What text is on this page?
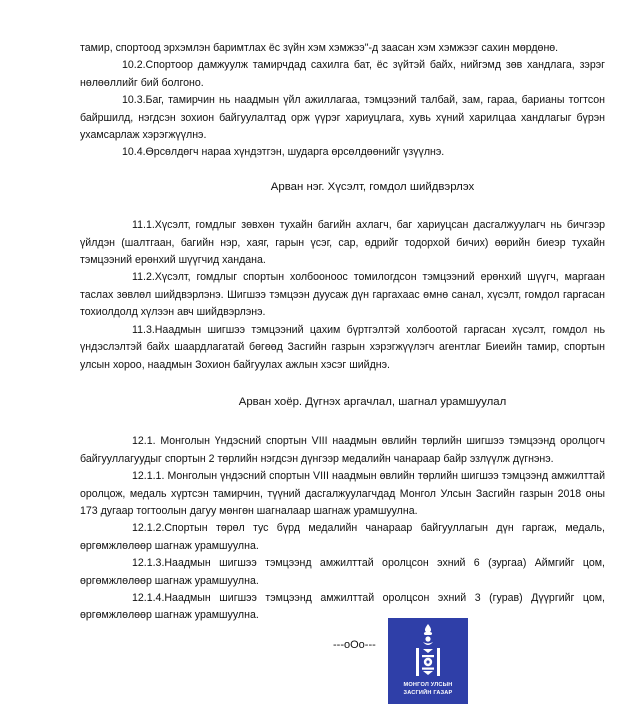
тамир, спортоод эрхэмлэн баримтлах ёс зүйн хэм хэмжээ"-д заасан хэм хэмжээг сахин мөрдөнө.

10.2.Спортоор дамжуулж тамирчдад сахилга бат, ёс зүйтэй байх, нийгэмд зөв хандлага, зэрэг нөлөөллийг бий болгоно.

10.3.Баг, тамирчин нь наадмын үйл ажиллагаа, тэмцээний талбай, зам, гараа, барианы тогтсон байршилд, нэгдсэн зохион байгуулалтад орж үүрэг хариуцлага, хувь хүний харилцаа хандлагыг бүрэн ухамсарлаж хэрэгжүүлнэ.

10.4.Өрсөлдөгч нараа хүндэтгэн, шударга өрсөлдөөнийг үзүүлнэ.

Арван нэг. Хүсэлт, гомдол шийдвэрлэх

11.1.Хүсэлт, гомдлыг зөвхөн тухайн багийн ахлагч, баг хариуцсан дасгалжуулагч нь бичгээр үйлдэн (шалтгаан, багийн нэр, хаяг, гарын үсэг, сар, өдрийг тодорхой бичих) өөрийн биеэр тухайн тэмцээний ерөнхий шүүгчид хандана.

11.2.Хүсэлт, гомдлыг спортын холбооноос томилогдсон тэмцээний ерөнхий шүүгч, маргаан таслах зөвлөл шийдвэрлэнэ. Шигшээ тэмцээн дуусаж дүн гаргахаас өмнө санал, хүсэлт, гомдол гаргасан тохиолдолд хүлээн авч шийдвэрлэнэ.

11.3.Наадмын шигшээ тэмцээний цахим бүртгэлтэй холбоотой гаргасан хүсэлт, гомдол нь үндэслэлтэй байх шаардлагатай бөгөөд Засгийн газрын хэрэгжүүлэгч агентлаг Биеийн тамир, спортын улсын хороо, наадмын Зохион байгуулах ажлын хэсэг шийднэ.

Арван хоёр. Дүгнэх аргачлал, шагнал урамшуулал

12.1. Монголын Үндэсний спортын VIII наадмын өвлийн төрлийн шигшээ тэмцээнд оролцогч байгууллагуудыг спортын 2 төрлийн нэгдсэн дүнгээр медалийн чанараар байр эзлүүлж дүгнэнэ.

12.1.1. Монголын үндэсний спортын VIII наадмын өвлийн төрлийн шигшээ тэмцээнд амжилттай оролцож, медаль хүртсэн тамирчин, түүний дасгалжуулагчдад Монгол Улсын Засгийн газрын 2018 оны 173 дугаар тогтоолын дагуу мөнгөн шагналаар шагнаж урамшуулна.

12.1.2.Спортын төрөл тус бүрд медалийн чанараар байгууллагын дүн гаргаж, медаль, өргөмжлөлөөр шагнаж урамшуулна.

12.1.3.Наадмын шигшээ тэмцээнд амжилттай оролцсон эхний 6 (зургаа) Аймгийг цом, өргөмжлөлөөр шагнаж урамшуулна.

12.1.4.Наадмын шигшээ тэмцээнд амжилттай оролцсон эхний 3 (гурав) Дүүргийг цом, өргөмжлөлөөр шагнаж урамшуулна.

---oOo---
МОНГОЛ УЛСЫН
ЗАСГИЙН ГАЗАР
